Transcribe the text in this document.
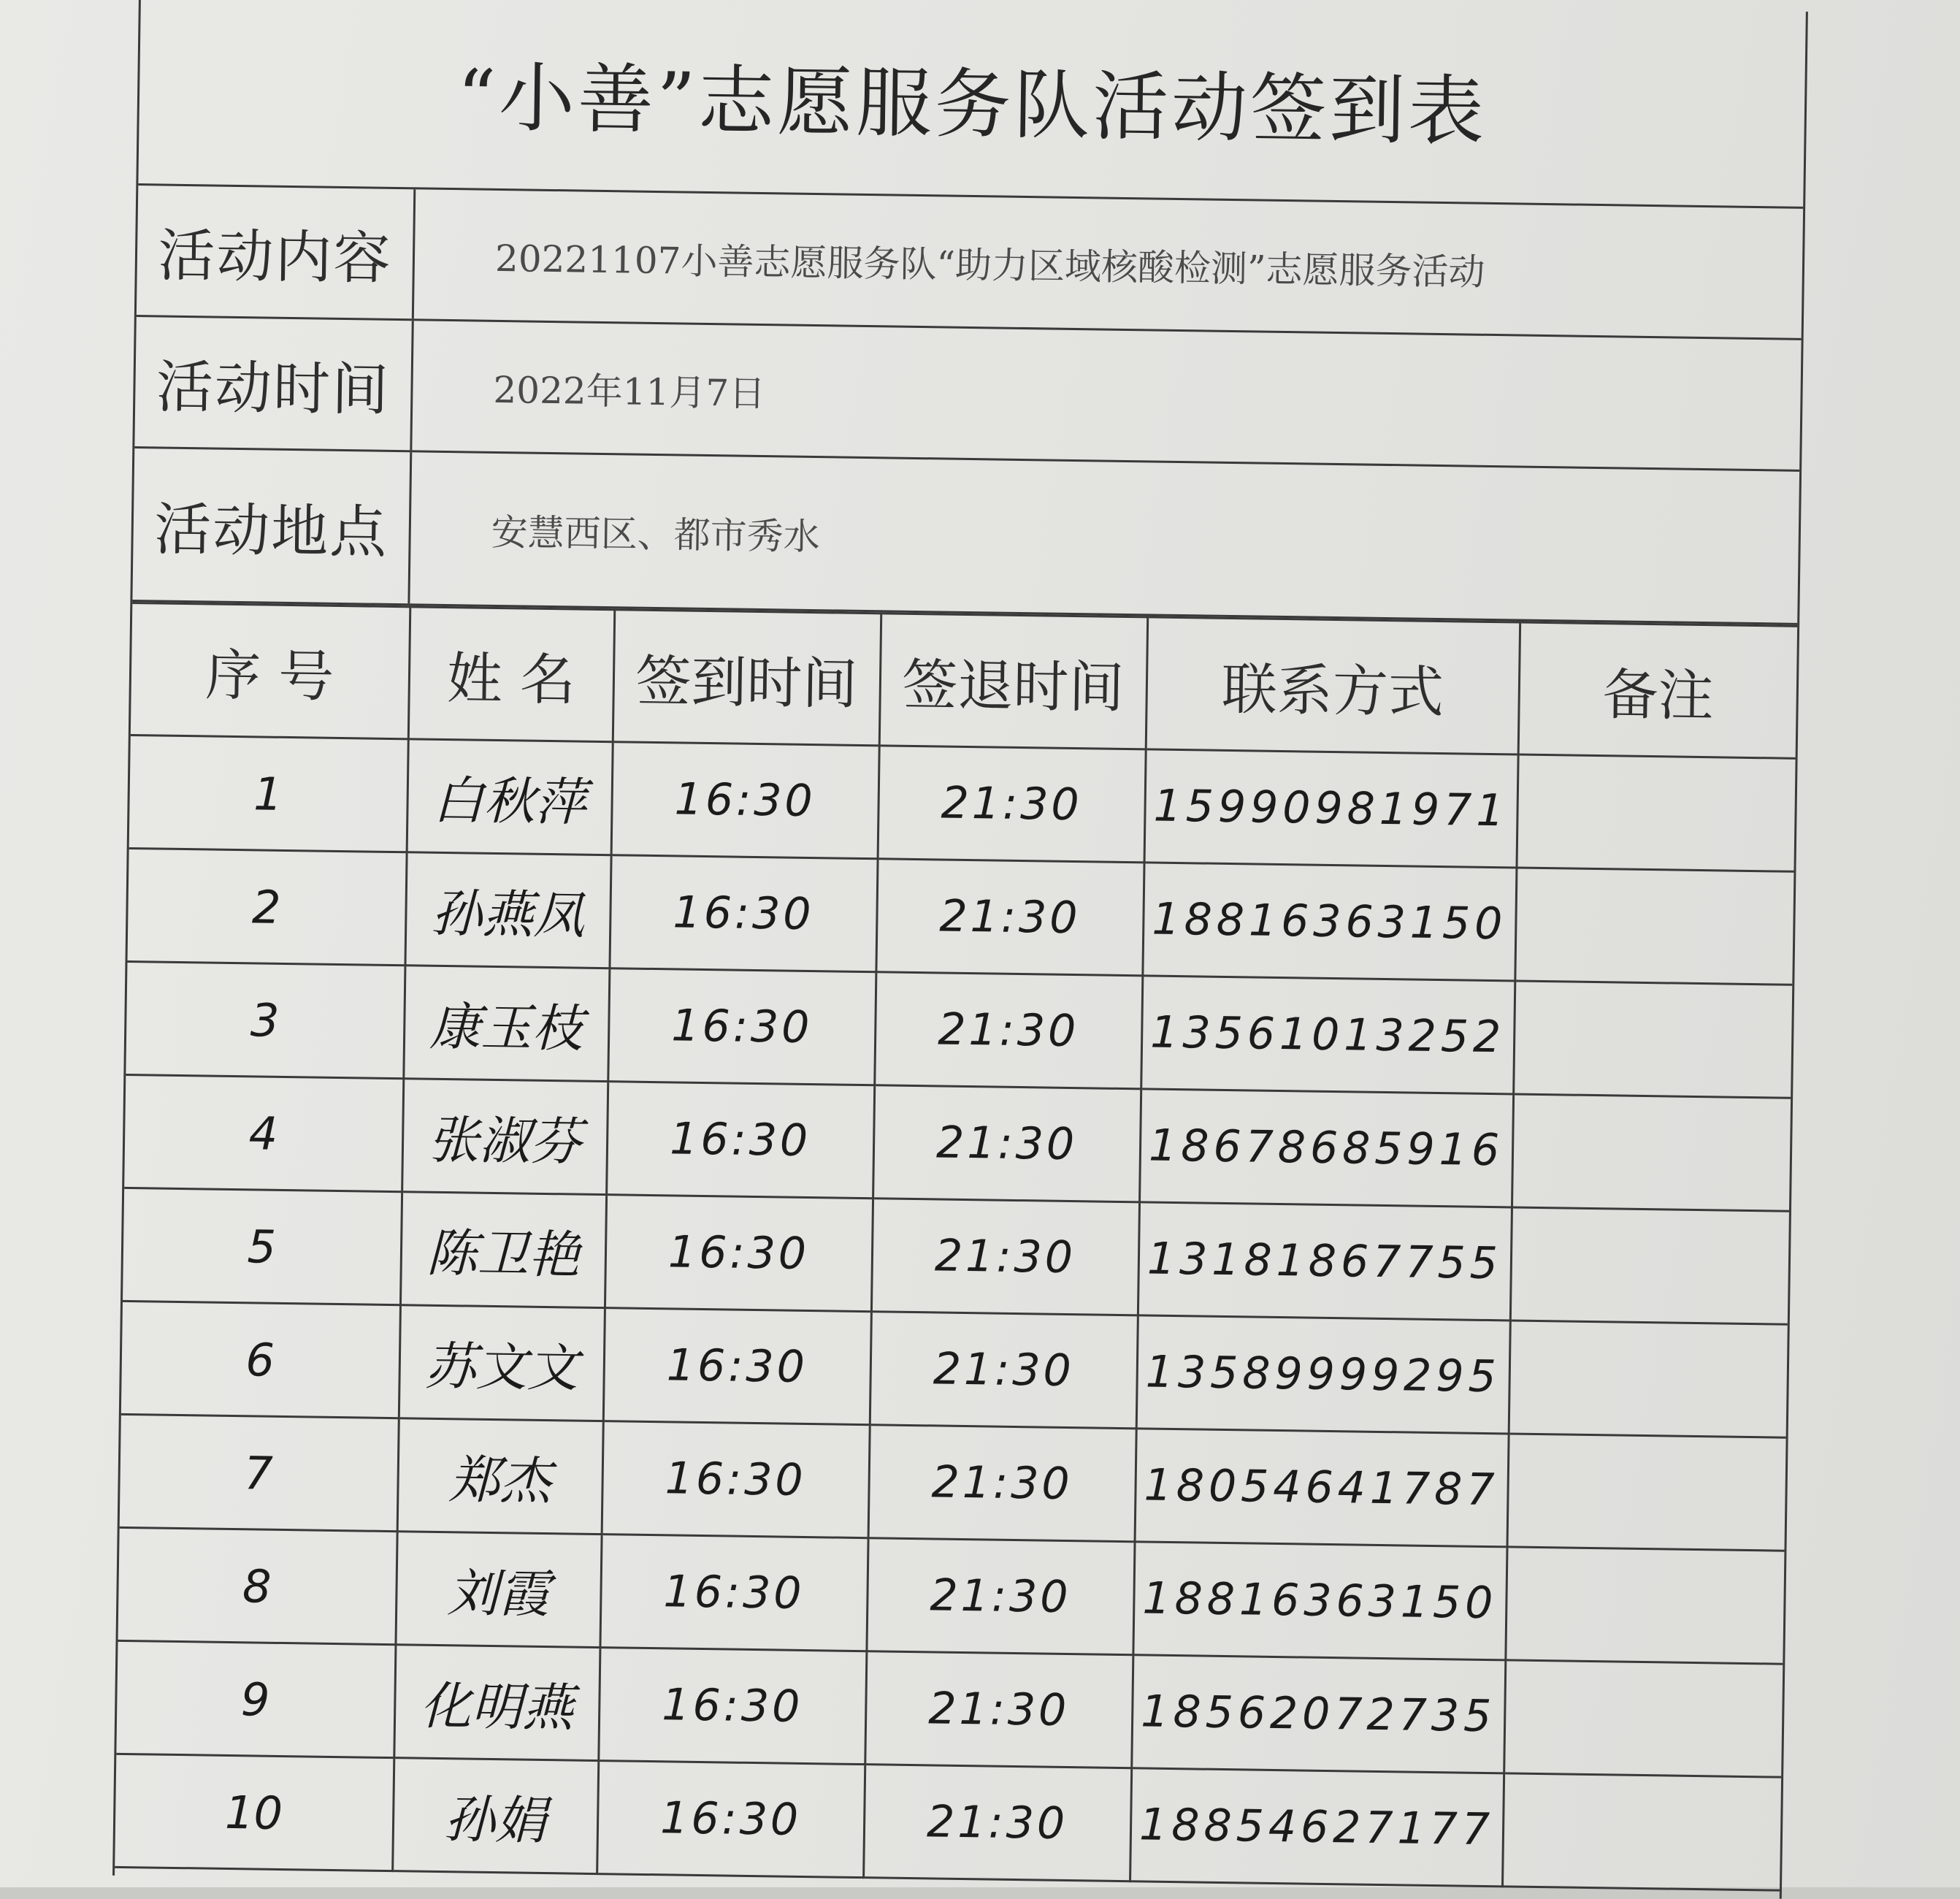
“小善”志愿服务队活动签到表
活动内容	20221107小善志愿服务队“助力区域核酸检测”志愿服务活动
活动时间	2022年11月7日
活动地点	安慧西区、都市秀水
序 号	姓 名	签到时间	签退时间	联系方式	备注
1	白秋萍	16:30	21:30	15990981971	
2	孙燕凤	16:30	21:30	18816363150	
3	康玉枝	16:30	21:30	13561013252	
4	张淑芬	16:30	21:30	18678685916	
5	陈卫艳	16:30	21:30	13181867755	
6	苏文文	16:30	21:30	13589999295	
7	郑杰	16:30	21:30	18054641787	
8	刘霞	16:30	21:30	18816363150	
9	化明燕	16:30	21:30	18562072735	
10	孙娟	16:30	21:30	18854627177	
